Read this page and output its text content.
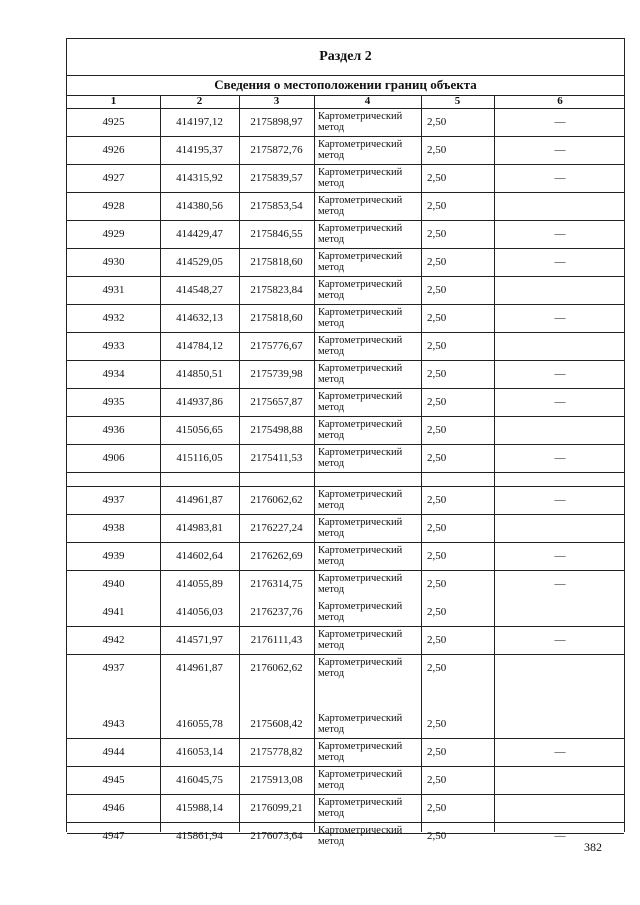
Раздел 2
Сведения о местоположении границ объекта
1	2	3	4	5	6
4925	414197,12	2175898,97	Картометрический
метод	2,50	—
4926	414195,37	2175872,76	Картометрический
метод	2,50	—
4927	414315,92	2175839,57	Картометрический
метод	2,50	—
4928	414380,56	2175853,54	Картометрический
метод	2,50
4929	414429,47	2175846,55	Картометрический
метод	2,50	—
4930	414529,05	2175818,60	Картометрический
метод	2,50	—
4931	414548,27	2175823,84	Картометрический
метод	2,50
4932	414632,13	2175818,60	Картометрический
метод	2,50	—
4933	414784,12	2175776,67	Картометрический
метод	2,50
4934	414850,51	2175739,98	Картометрический
метод	2,50	—
4935	414937,86	2175657,87	Картометрический
метод	2,50	—
4936	415056,65	2175498,88	Картометрический
метод	2,50
4906	415116,05	2175411,53	Картометрический
метод	2,50	—
4937	414961,87	2176062,62	Картометрический
метод	2,50	—
4938	414983,81	2176227,24	Картометрический
метод	2,50
4939	414602,64	2176262,69	Картометрический
метод	2,50	—
4940	414055,89	2176314,75	Картометрический
метод	2,50	—
4941	414056,03	2176237,76	Картометрический
метод	2,50
4942	414571,97	2176111,43	Картометрический
метод	2,50	—
4937	414961,87	2176062,62	Картометрический
метод	2,50
4943	416055,78	2175608,42	Картометрический
метод	2,50
4944	416053,14	2175778,82	Картометрический
метод	2,50	—
4945	416045,75	2175913,08	Картометрический
метод	2,50
4946	415988,14	2176099,21	Картометрический
метод	2,50
4947	415861,94	2176073,64	Картометрический
метод	2,50	—
382
